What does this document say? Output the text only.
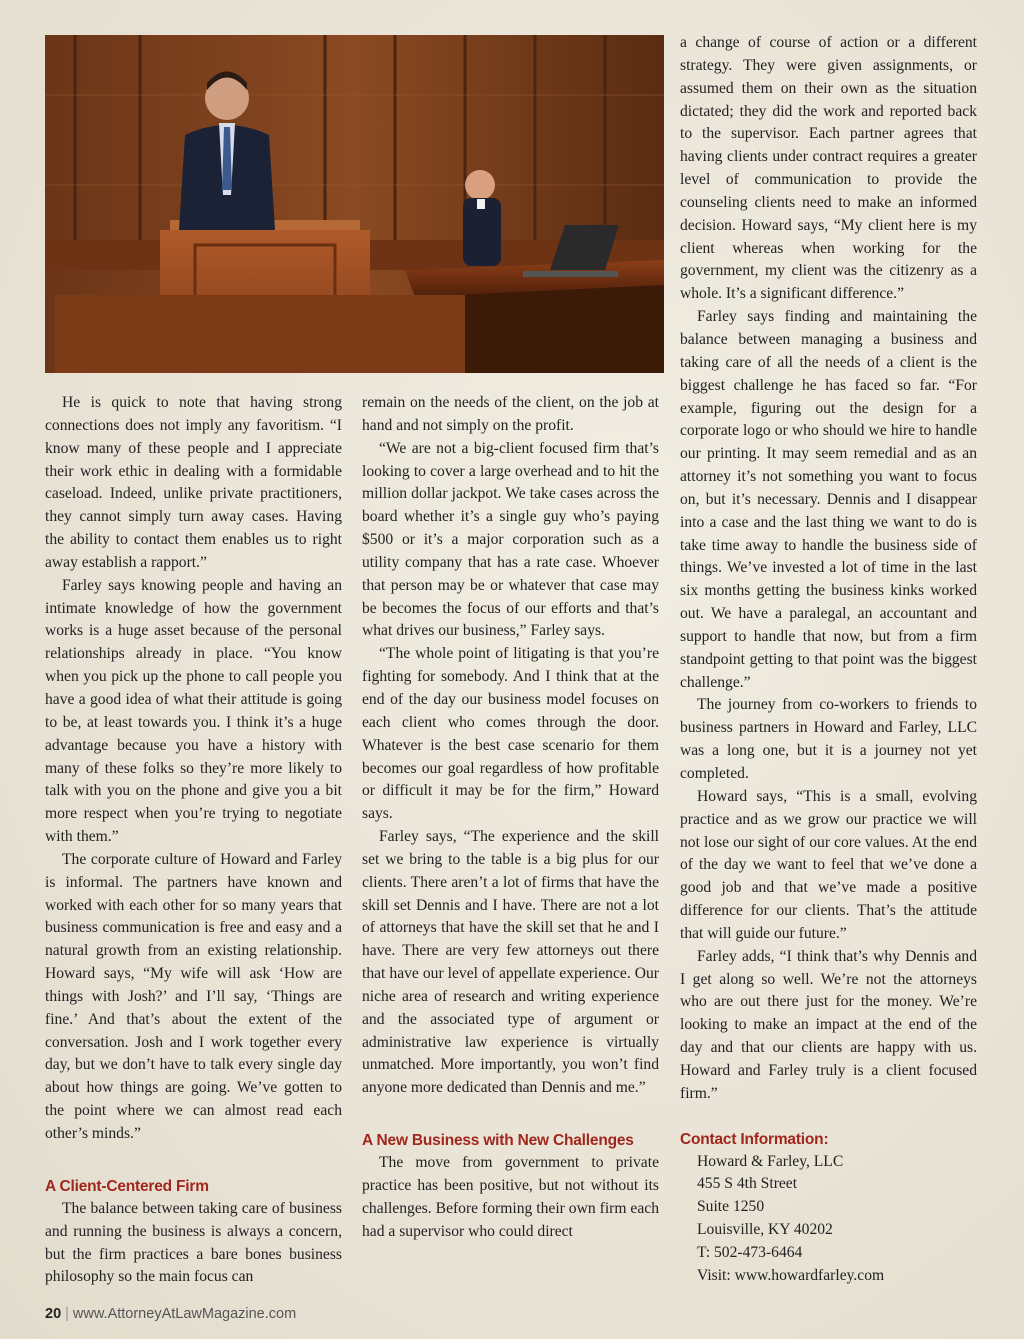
He is quick to note that having strong connections does not imply any favoritism. “I know many of these people and I appreciate their work ethic in dealing with a formidable caseload. Indeed, unlike private practitioners, they cannot simply turn away cases. Having the ability to contact them enables us to right away establish a rapport.”

Farley says knowing people and having an intimate knowledge of how the government works is a huge asset because of the personal relationships already in place. “You know when you pick up the phone to call people you have a good idea of what their attitude is going to be, at least towards you. I think it’s a huge advantage because you have a history with many of these folks so they’re more likely to talk with you on the phone and give you a bit more respect when you’re trying to negotiate with them.”

The corporate culture of Howard and Farley is informal. The partners have known and worked with each other for so many years that business communication is free and easy and a natural growth from an existing relationship. Howard says, “My wife will ask ‘How are things with Josh?’ and I’ll say, ‘Things are fine.’ And that’s about the extent of the conversation. Josh and I work together every day, but we don’t have to talk every single day about how things are going. We’ve gotten to the point where we can almost read each other’s minds.”

A Client-Centered Firm

The balance between taking care of business and running the business is always a concern, but the firm practices a bare bones business philosophy so the main focus can

remain on the needs of the client, on the job at hand and not simply on the profit.

“We are not a big-client focused firm that’s looking to cover a large overhead and to hit the million dollar jackpot. We take cases across the board whether it’s a single guy who’s paying $500 or it’s a major corporation such as a utility company that has a rate case. Whoever that person may be or whatever that case may be becomes the focus of our efforts and that’s what drives our business,” Farley says.

“The whole point of litigating is that you’re fighting for somebody. And I think that at the end of the day our business model focuses on each client who comes through the door. Whatever is the best case scenario for them becomes our goal regardless of how profitable or difficult it may be for the firm,” Howard says.

Farley says, “The experience and the skill set we bring to the table is a big plus for our clients. There aren’t a lot of firms that have the skill set Dennis and I have. There are not a lot of attorneys that have the skill set that he and I have. There are very few attorneys out there that have our level of appellate experience. Our niche area of research and writing experience and the associated type of argument or administrative law experience is virtually unmatched. More importantly, you won’t find anyone more dedicated than Dennis and me.”

A New Business with New Challenges

The move from government to private practice has been positive, but not without its challenges. Before forming their own firm each had a supervisor who could direct

a change of course of action or a different strategy. They were given assignments, or assumed them on their own as the situation dictated; they did the work and reported back to the supervisor. Each partner agrees that having clients under contract requires a greater level of communication to provide the counseling clients need to make an informed decision. Howard says, “My client here is my client whereas when working for the government, my client was the citizenry as a whole. It’s a significant difference.”

Farley says finding and maintaining the balance between managing a business and taking care of all the needs of a client is the biggest challenge he has faced so far. “For example, figuring out the design for a corporate logo or who should we hire to handle our printing. It may seem remedial and as an attorney it’s not something you want to focus on, but it’s necessary. Dennis and I disappear into a case and the last thing we want to do is take time away to handle the business side of things. We’ve invested a lot of time in the last six months getting the business kinks worked out. We have a paralegal, an accountant and support to handle that now, but from a firm standpoint getting to that point was the biggest challenge.”

The journey from co-workers to friends to business partners in Howard and Farley, LLC was a long one, but it is a journey not yet completed.

Howard says, “This is a small, evolving practice and as we grow our practice we will not lose our sight of our core values. At the end of the day we want to feel that we’ve done a good job and that we’ve made a positive difference for our clients. That’s the attitude that will guide our future.”

Farley adds, “I think that’s why Dennis and I get along so well. We’re not the attorneys who are out there just for the money. We’re looking to make an impact at the end of the day and that our clients are happy with us. Howard and Farley truly is a client focused firm.”

Contact Information:
Howard & Farley, LLC
455 S 4th Street
Suite 1250
Louisville, KY 40202
T: 502-473-6464
Visit: www.howardfarley.com
20 | www.AttorneyAtLawMagazine.com
